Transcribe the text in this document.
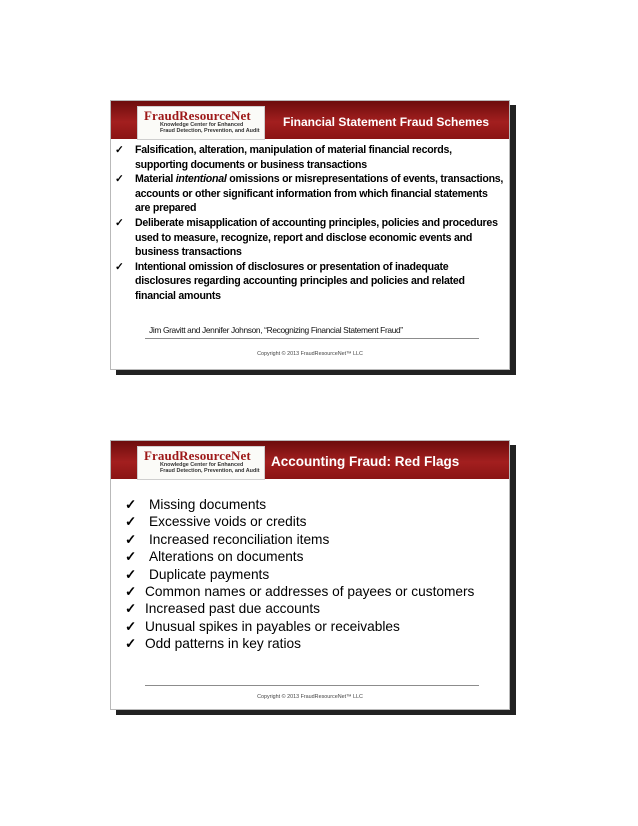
FraudResourceNet
Knowledge Center for Enhanced
Fraud Detection, Prevention, and Audit
Financial Statement Fraud Schemes
✓ Falsification, alteration, manipulation of material financial records, supporting documents or business transactions
✓ Material intentional omissions or misrepresentations of events, transactions, accounts or other significant information from which financial statements are prepared
✓ Deliberate misapplication of accounting principles, policies and procedures used to measure, recognize, report and disclose economic events and business transactions
✓ Intentional omission of disclosures or presentation of inadequate disclosures regarding accounting principles and policies and related financial amounts
Jim Gravitt and Jennifer Johnson, “Recognizing Financial Statement Fraud”
Copyright © 2013 FraudResourceNet™ LLC
FraudResourceNet
Knowledge Center for Enhanced
Fraud Detection, Prevention, and Audit
Accounting Fraud: Red Flags
✓ Missing documents
✓ Excessive voids or credits
✓ Increased reconciliation items
✓ Alterations on documents
✓ Duplicate payments
✓ Common names or addresses of payees or customers
✓ Increased past due accounts
✓ Unusual spikes in payables or receivables
✓ Odd patterns in key ratios
Copyright © 2013 FraudResourceNet™ LLC
